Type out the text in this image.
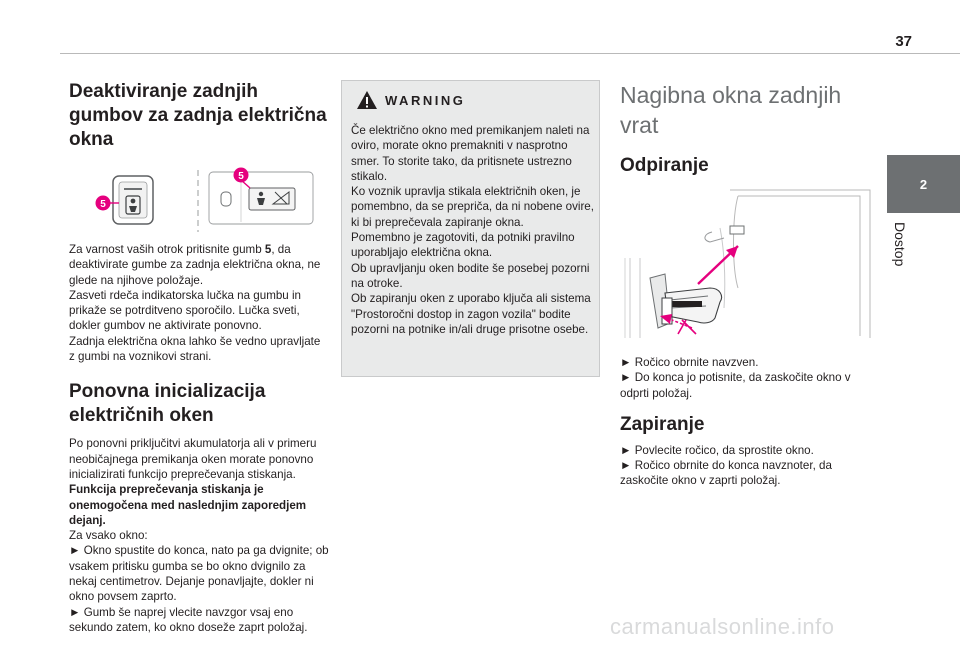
37
2
Dostop
Deaktiviranje zadnjih
gumbov za zadnja električna
okna
5
5

Za varnost vaših otrok pritisnite gumb 5, da deaktivirate gumbe za zadnja električna okna, ne glede na njihove položaje.

Zasveti rdeča indikatorska lučka na gumbu in prikaže se potrditveno sporočilo. Lučka sveti, dokler gumbov ne aktivirate ponovno.

Zadnja električna okna lahko še vedno upravljate z gumbi na voznikovi strani.

Ponovna inicializacija
električnih oken

Po ponovni priključitvi akumulatorja ali v primeru neobičajnega premikanja oken morate ponovno inicializirati funkcijo preprečevanja stiskanja.

Funkcija preprečevanja stiskanja je onemogočena med naslednjim zaporedjem dejanj.

Za vsako okno:

► Okno spustite do konca, nato pa ga dvignite; ob vsakem pritisku gumba se bo okno dvignilo za nekaj centimetrov. Dejanje ponavljajte, dokler ni okno povsem zaprto.

► Gumb še naprej vlecite navzgor vsaj eno sekundo zatem, ko okno doseže zaprt položaj.

WARNING

Če električno okno med premikanjem naleti na oviro, morate okno premakniti v nasprotno smer. To storite tako, da pritisnete ustrezno stikalo.

Ko voznik upravlja stikala električnih oken, je pomembno, da se prepriča, da ni nobene ovire, ki bi preprečevala zapiranje okna.

Pomembno je zagotoviti, da potniki pravilno uporabljajo električna okna.

Ob upravljanju oken bodite še posebej pozorni na otroke.

Ob zapiranju oken z uporabo ključa ali sistema "Prostoročni dostop in zagon vozila" bodite pozorni na potnike in/ali druge prisotne osebe.

Nagibna okna zadnjih vrat

Odpiranje

► Ročico obrnite navzven.

► Do konca jo potisnite, da zaskočite okno v odprti položaj.

Zapiranje

► Povlecite ročico, da sprostite okno.

► Ročico obrnite do konca navznoter, da zaskočite okno v zaprti položaj.

carmanualsonline.info
